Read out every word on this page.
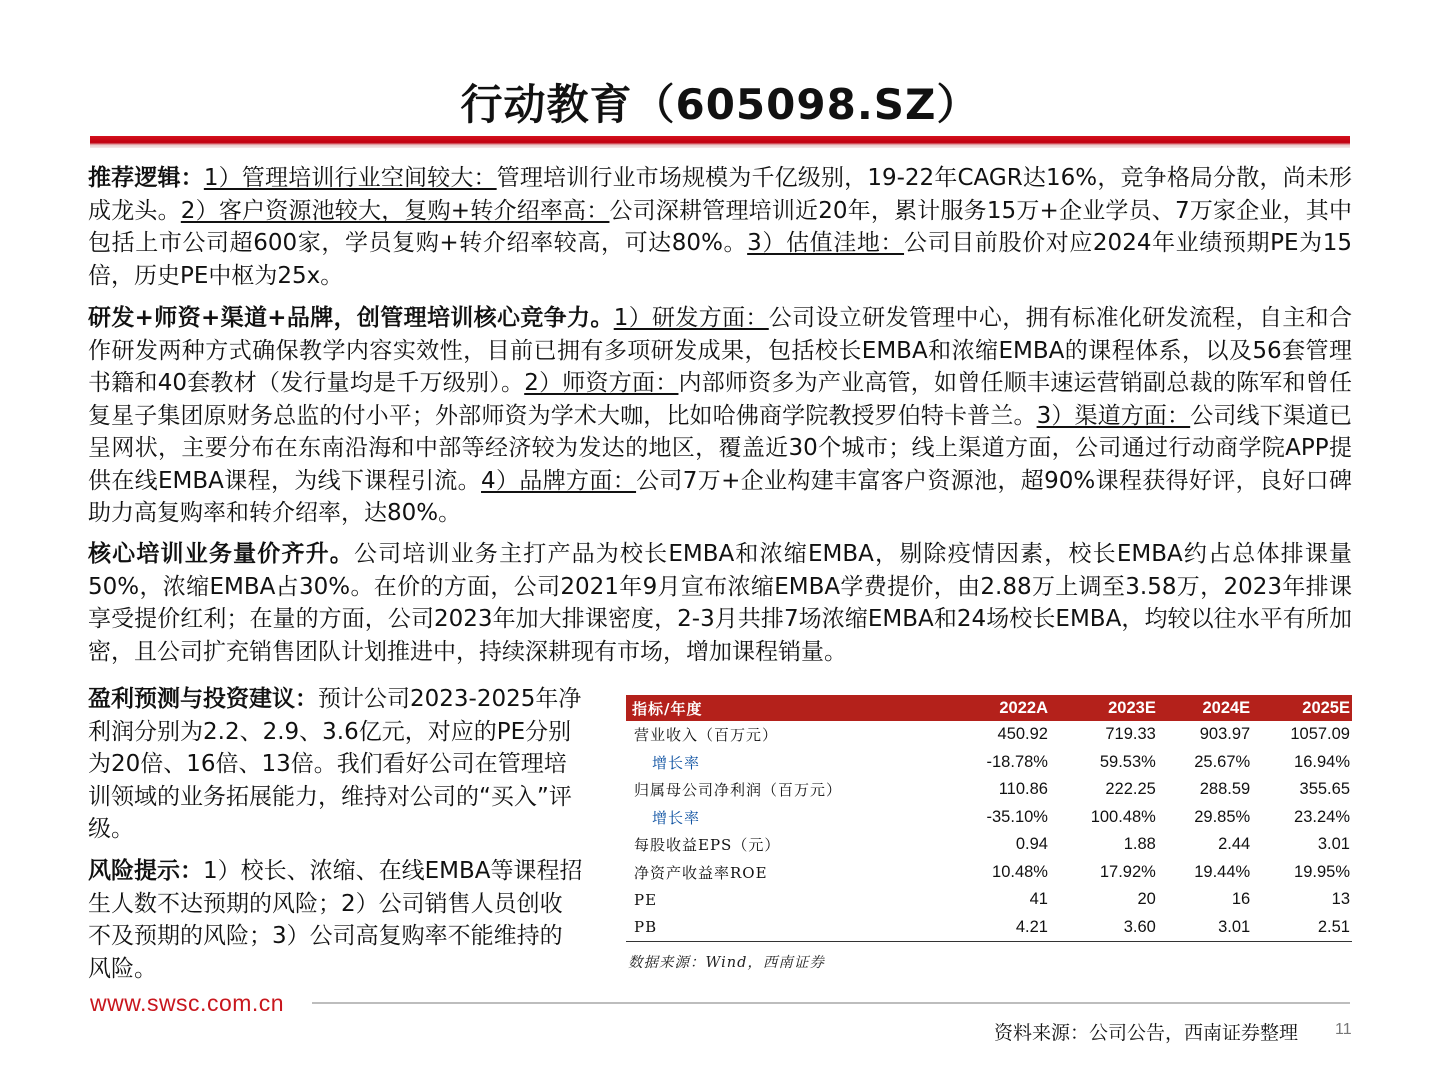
行动教育（605098.SZ）
推荐逻辑：1）管理培训行业空间较大：管理培训行业市场规模为千亿级别，19-22年CAGR达16%，竞争格局分散，尚未形成龙头。2）客户资源池较大，复购+转介绍率高：公司深耕管理培训近20年，累计服务15万+企业学员、7万家企业，其中包括上市公司超600家，学员复购+转介绍率较高，可达80%。3）估值洼地：公司目前股价对应2024年业绩预期PE为15倍，历史PE中枢为25x。
研发+师资+渠道+品牌，创管理培训核心竞争力。1）研发方面：公司设立研发管理中心，拥有标准化研发流程，自主和合作研发两种方式确保教学内容实效性，目前已拥有多项研发成果，包括校长EMBA和浓缩EMBA的课程体系，以及56套管理书籍和40套教材（发行量均是千万级别）。2）师资方面：内部师资多为产业高管，如曾任顺丰速运营销副总裁的陈军和曾任复星子集团原财务总监的付小平；外部师资为学术大咖，比如哈佛商学院教授罗伯特卡普兰。3）渠道方面：公司线下渠道已呈网状，主要分布在东南沿海和中部等经济较为发达的地区，覆盖近30个城市；线上渠道方面，公司通过行动商学院APP提供在线EMBA课程，为线下课程引流。4）品牌方面：公司7万+企业构建丰富客户资源池，超90%课程获得好评，良好口碑助力高复购率和转介绍率，达80%。
核心培训业务量价齐升。公司培训业务主打产品为校长EMBA和浓缩EMBA，剔除疫情因素，校长EMBA约占总体排课量50%，浓缩EMBA占30%。在价的方面，公司2021年9月宣布浓缩EMBA学费提价，由2.88万上调至3.58万，2023年排课享受提价红利；在量的方面，公司2023年加大排课密度，2-3月共排7场浓缩EMBA和24场校长EMBA，均较以往水平有所加密，且公司扩充销售团队计划推进中，持续深耕现有市场，增加课程销量。
盈利预测与投资建议：预计公司2023-2025年净利润分别为2.2、2.9、3.6亿元，对应的PE分别为20倍、16倍、13倍。我们看好公司在管理培训领域的业务拓展能力，维持对公司的“买入”评级。
风险提示：1）校长、浓缩、在线EMBA等课程招生人数不达预期的风险；2）公司销售人员创收不及预期的风险；3）公司高复购率不能维持的风险。
指标/年度	2022A	2023E	2024E	2025E
营业收入（百万元）	450.92	719.33	903.97	1057.09
增长率	-18.78%	59.53%	25.67%	16.94%
归属母公司净利润（百万元）	110.86	222.25	288.59	355.65
增长率	-35.10%	100.48%	29.85%	23.24%
每股收益EPS（元）	0.94	1.88	2.44	3.01
净资产收益率ROE	10.48%	17.92%	19.44%	19.95%
PE	41	20	16	13
PB	4.21	3.60	3.01	2.51
数据来源：Wind，西南证券
www.swsc.com.cn
资料来源：公司公告，西南证券整理 11
